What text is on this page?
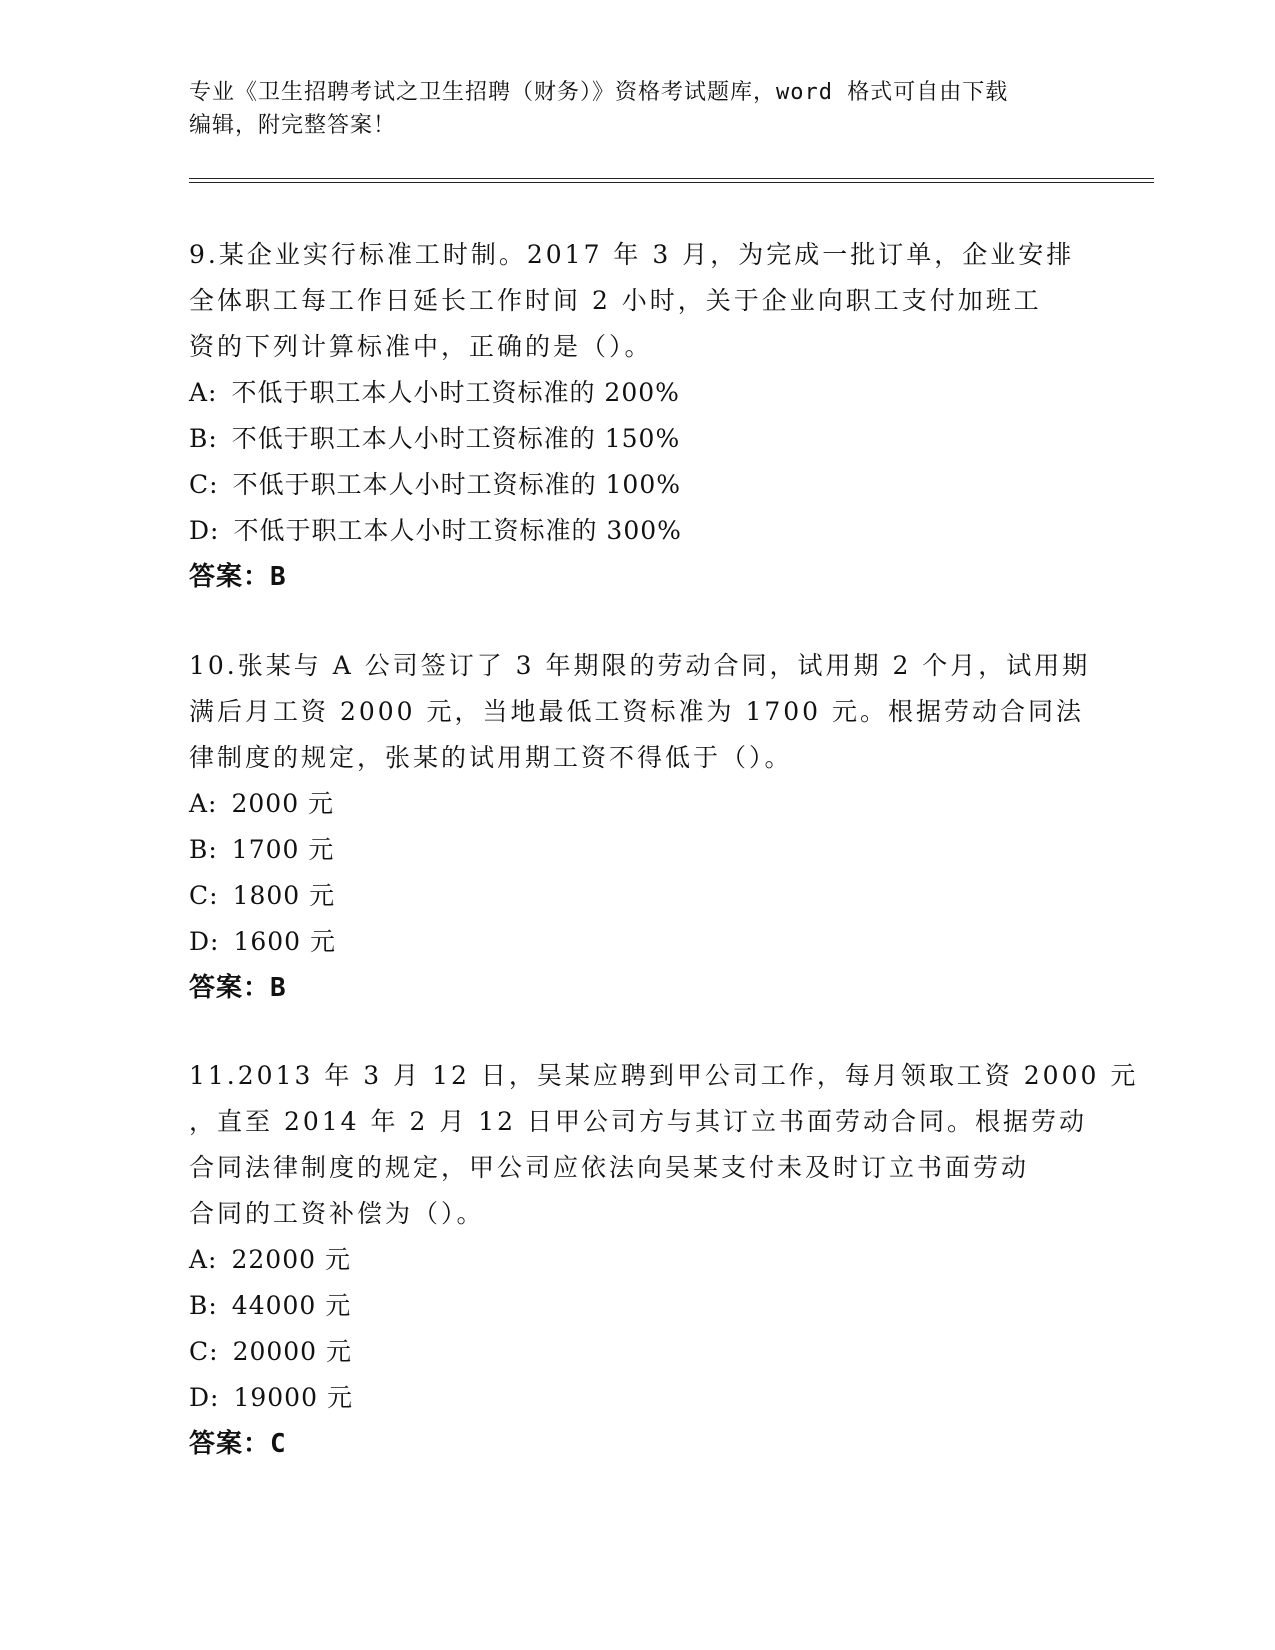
专业《卫生招聘考试之卫生招聘（财务）》资格考试题库，word 格式可自由下载
编辑，附完整答案！
9.某企业实行标准工时制。2017 年 3 月，为完成一批订单，企业安排
全体职工每工作日延长工作时间 2 小时，关于企业向职工支付加班工
资的下列计算标准中，正确的是（）。
A: 不低于职工本人小时工资标准的 200%
B: 不低于职工本人小时工资标准的 150%
C: 不低于职工本人小时工资标准的 100%
D: 不低于职工本人小时工资标准的 300%
答案：B
10.张某与 A 公司签订了 3 年期限的劳动合同，试用期 2 个月，试用期
满后月工资 2000 元，当地最低工资标准为 1700 元。根据劳动合同法
律制度的规定，张某的试用期工资不得低于（）。
A: 2000 元
B: 1700 元
C: 1800 元
D: 1600 元
答案：B
11.2013 年 3 月 12 日，吴某应聘到甲公司工作，每月领取工资 2000 元
，直至 2014 年 2 月 12 日甲公司方与其订立书面劳动合同。根据劳动
合同法律制度的规定，甲公司应依法向吴某支付未及时订立书面劳动
合同的工资补偿为（）。
A: 22000 元
B: 44000 元
C: 20000 元
D: 19000 元
答案：C
